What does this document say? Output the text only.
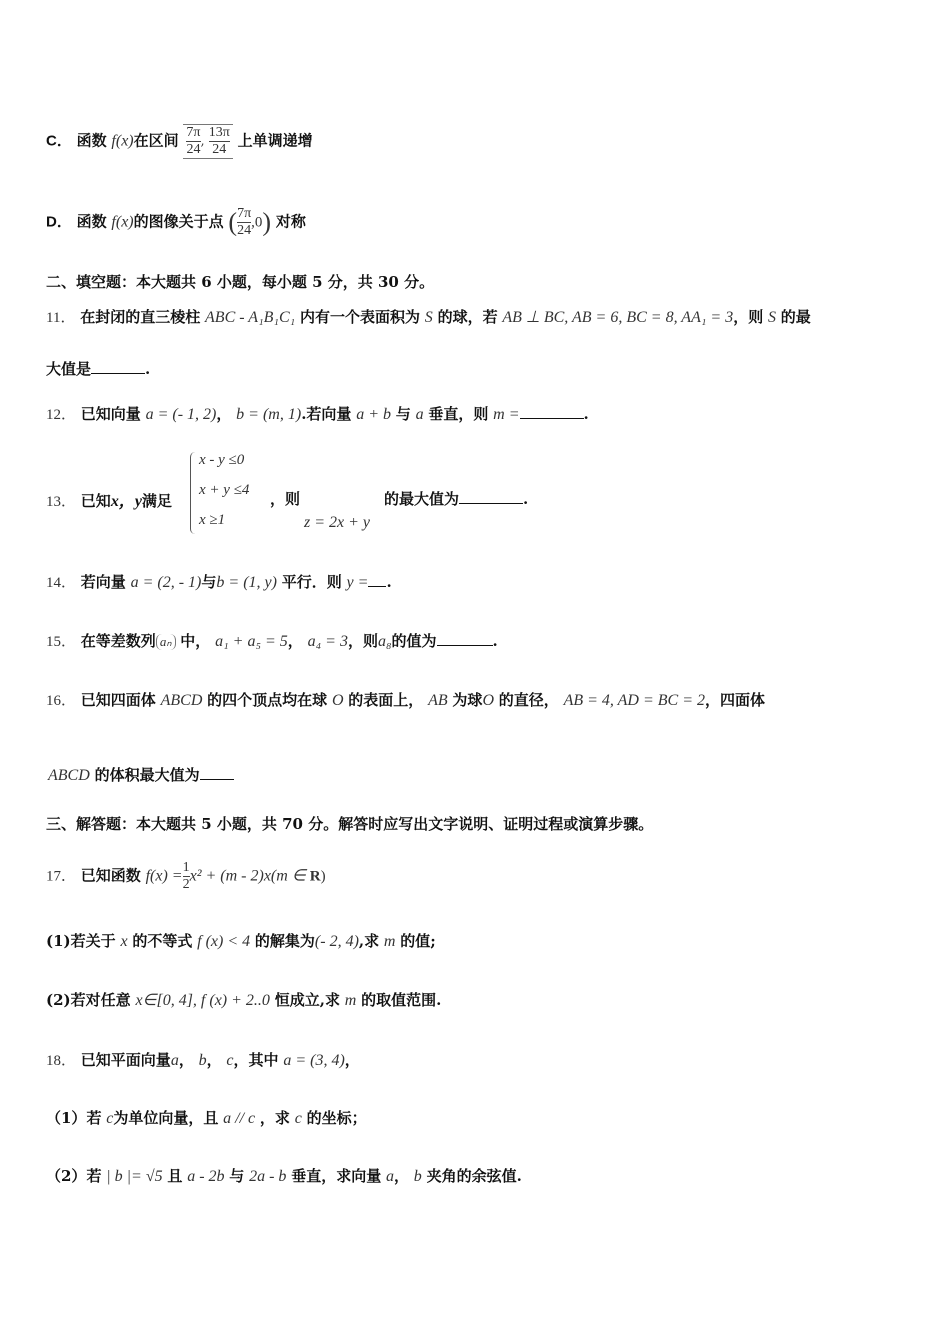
C． 函数 f(x)在区间 $\frac{7\pi}{24}$ , $\frac{13\pi}{24}$ 上单调递增
D． 函数 f(x)的图像关于点 ( $\frac{7\pi}{24} ,0$) 对称
二、填空题：本大题共 6 小题，每小题 5 分，共 30 分。
11． 在封闭的直三棱柱 ABC - A₁B₁C₁ 内有一个表面积为 S 的球，若 AB ⊥ BC, AB = 6, BC = 8, AA₁ = 3，则 S 的最
大值是	.
12． 已知向量 a = (- 1, 2)， b = (m, 1).若向量 a + b 与 a 垂直，则 m =	.
13． 已知x，y满足
x - y ≤0
x + y ≤4
x ≥1
，则	的最大值为	.
z = 2x + y
14． 若向量 a = (2, - 1)与b = (1, y) 平行．则 y = .
15． 在等差数列 aₙ 中， a₁ + a₅ = 5， a₄ = 3，则a₈的值为	.
16． 已知四面体 ABCD 的四个顶点均在球 O 的表面上， AB 为球O 的直径， AB = 4, AD = BC = 2，四面体
ABCD 的体积最大值为
三、解答题：本大题共 5 小题，共 70 分。解答时应写出文字说明、证明过程或演算步骤。
17． 已知函数 $f(x) = \frac{1}{2} x^2 + (m - 2)x(m$ ∈ R)
(1)若关于 x 的不等式 f (x) < 4 的解集为(- 2, 4),求 m 的值;
(2)若对任意 x∈[0, 4], f (x) + 2..0 恒成立,求 m 的取值范围.
18． 已知平面向量a， b， c，其中 a = (3, 4)，
（1）若 c为单位向量，且 a // c ，求 c 的坐标；
（2）若 | b |= √5 且 a - 2b 与 2a - b 垂直，求向量 a， b 夹角的余弦值.
